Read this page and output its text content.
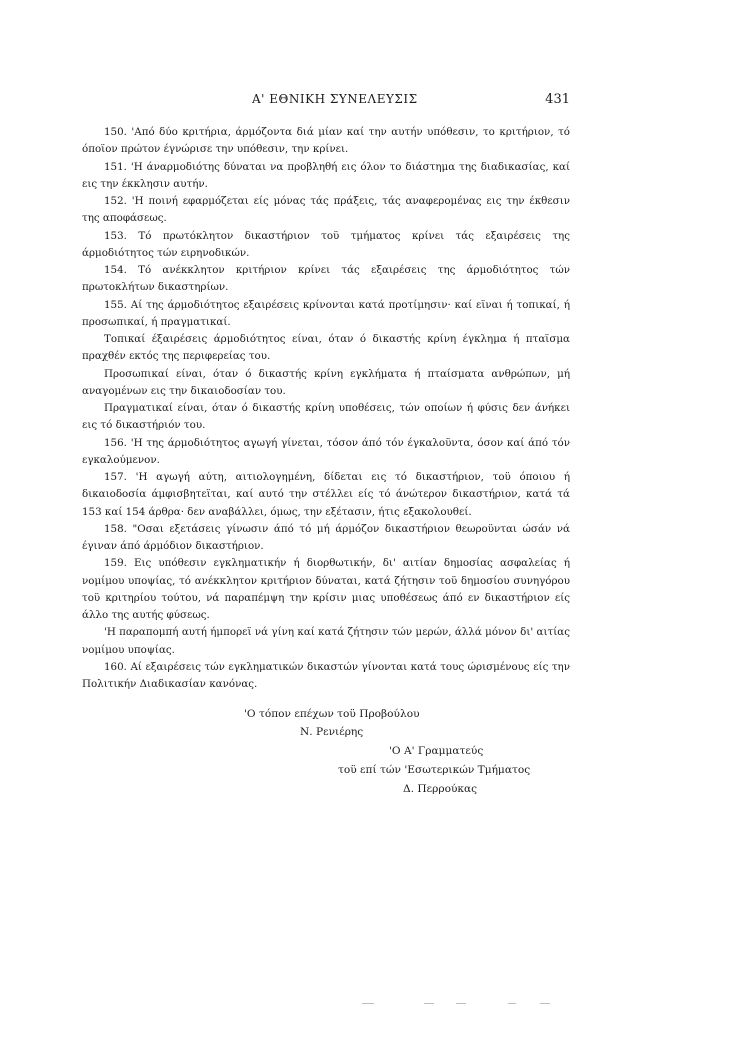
Α' ΕΘΝΙΚΗ ΣΥΝΕΛΕΥΣΙΣ	431

150. 'Από δύο κριτήρια, άρμόζοντα διά μίαν καί την αυτήν υπόθεσιν, το κριτήριον, τό όποϊον πρώτον έγνώρισε την υπόθεσιν, την κρίνει.

151. 'Η άναρμοδιότης δύναται να προβληθή εις όλον το διάστημα της διαδικασίας, καί εις την έκκλησιν αυτήν.

152. 'Η ποινή εφαρμόζεται είς μόνας τάς πράξεις, τάς αναφερομένας εις την έκθεσιν της αποφάσεως.

153. Τό πρωτόκλητον δικαστήριον τοϋ τμήματος κρίνει τάς εξαιρέσεις της άρμοδιότητος τών ειρηνοδικών.

154. Τό ανέκκλητον κριτήριον κρίνει τάς εξαιρέσεις της άρμοδιότητος τών πρωτοκλήτων δικαστηρίων.

155. Αί της άρμοδιότητος εξαιρέσεις κρίνονται κατά προτίμησιν· καί εϊναι ή τοπικαί, ή προσωπικαί, ή πραγματικαί.

Τοπικαί έξαιρέσεις άρμοδιότητος είναι, όταν ό δικαστής κρίνη έγκλημα ή πταϊσμα πραχθέν εκτός της περιφερείας του.

Προσωπικαί είναι, όταν ό δικαστής κρίνη εγκλήματα ή πταίσματα ανθρώπων, μή αναγομένων εις την δικαιοδοσίαν του.

Πραγματικαί είναι, όταν ό δικαστής κρίνη υποθέσεις, τών οποίων ή φύσις δεν άνήκει εις τό δικαστήριόν του.

156. 'Η της άρμοδιότητος αγωγή γίνεται, τόσον άπό τόν έγκαλοϋντα, όσον καί άπό τόν εγκαλούμενον.

157. 'Η αγωγή αύτη, αιτιολογημένη, δίδεται εις τό δικαστήριον, τοϋ όποιου ή δικαιοδοσία άμφισβητεϊται, καί αυτό την στέλλει είς τό άνώτερον δικαστήριον, κατά τά 153 καί 154 άρθρα· δεν αναβάλλει, όμως, την εξέτασιν, ήτις εξακολουθεί.

158. "Οσαι εξετάσεις γίνωσιν άπό τό μή άρμόζον δικαστήριον θεωροϋνται ώσάν νά έγιναν άπό άρμόδιον δικαστήριον.

159. Εις υπόθεσιν εγκληματικήν ή διορθωτικήν, δι' αιτίαν δημοσίας ασφαλείας ή νομίμου υποψίας, τό ανέκκλητον κριτήριον δύναται, κατά ζήτησιν τοϋ δημοσίου συνηγόρου τοϋ κριτηρίου τούτου, νά παραπέμψη την κρίσιν μιας υποθέσεως άπό εν δικαστήριον είς άλλο της αυτής φύσεως.

'Η παραπομπή αυτή ήμπορεϊ νά γίνη καί κατά ζήτησιν τών μερών, άλλά μόνον δι' αιτίας νομίμου υποψίας.

160. Αί εξαιρέσεις τών εγκληματικών δικαστών γίνονται κατά τους ώρισμένους είς την Πολιτικήν Διαδικασίαν κανόνας.

'Ο τόπον επέχων τοϋ Προβούλου
Ν. Ρενιέρης
'Ο Α' Γραμματεύς
τοϋ επί τών 'Εσωτερικών Τμήματος
Δ. Περρούκας
